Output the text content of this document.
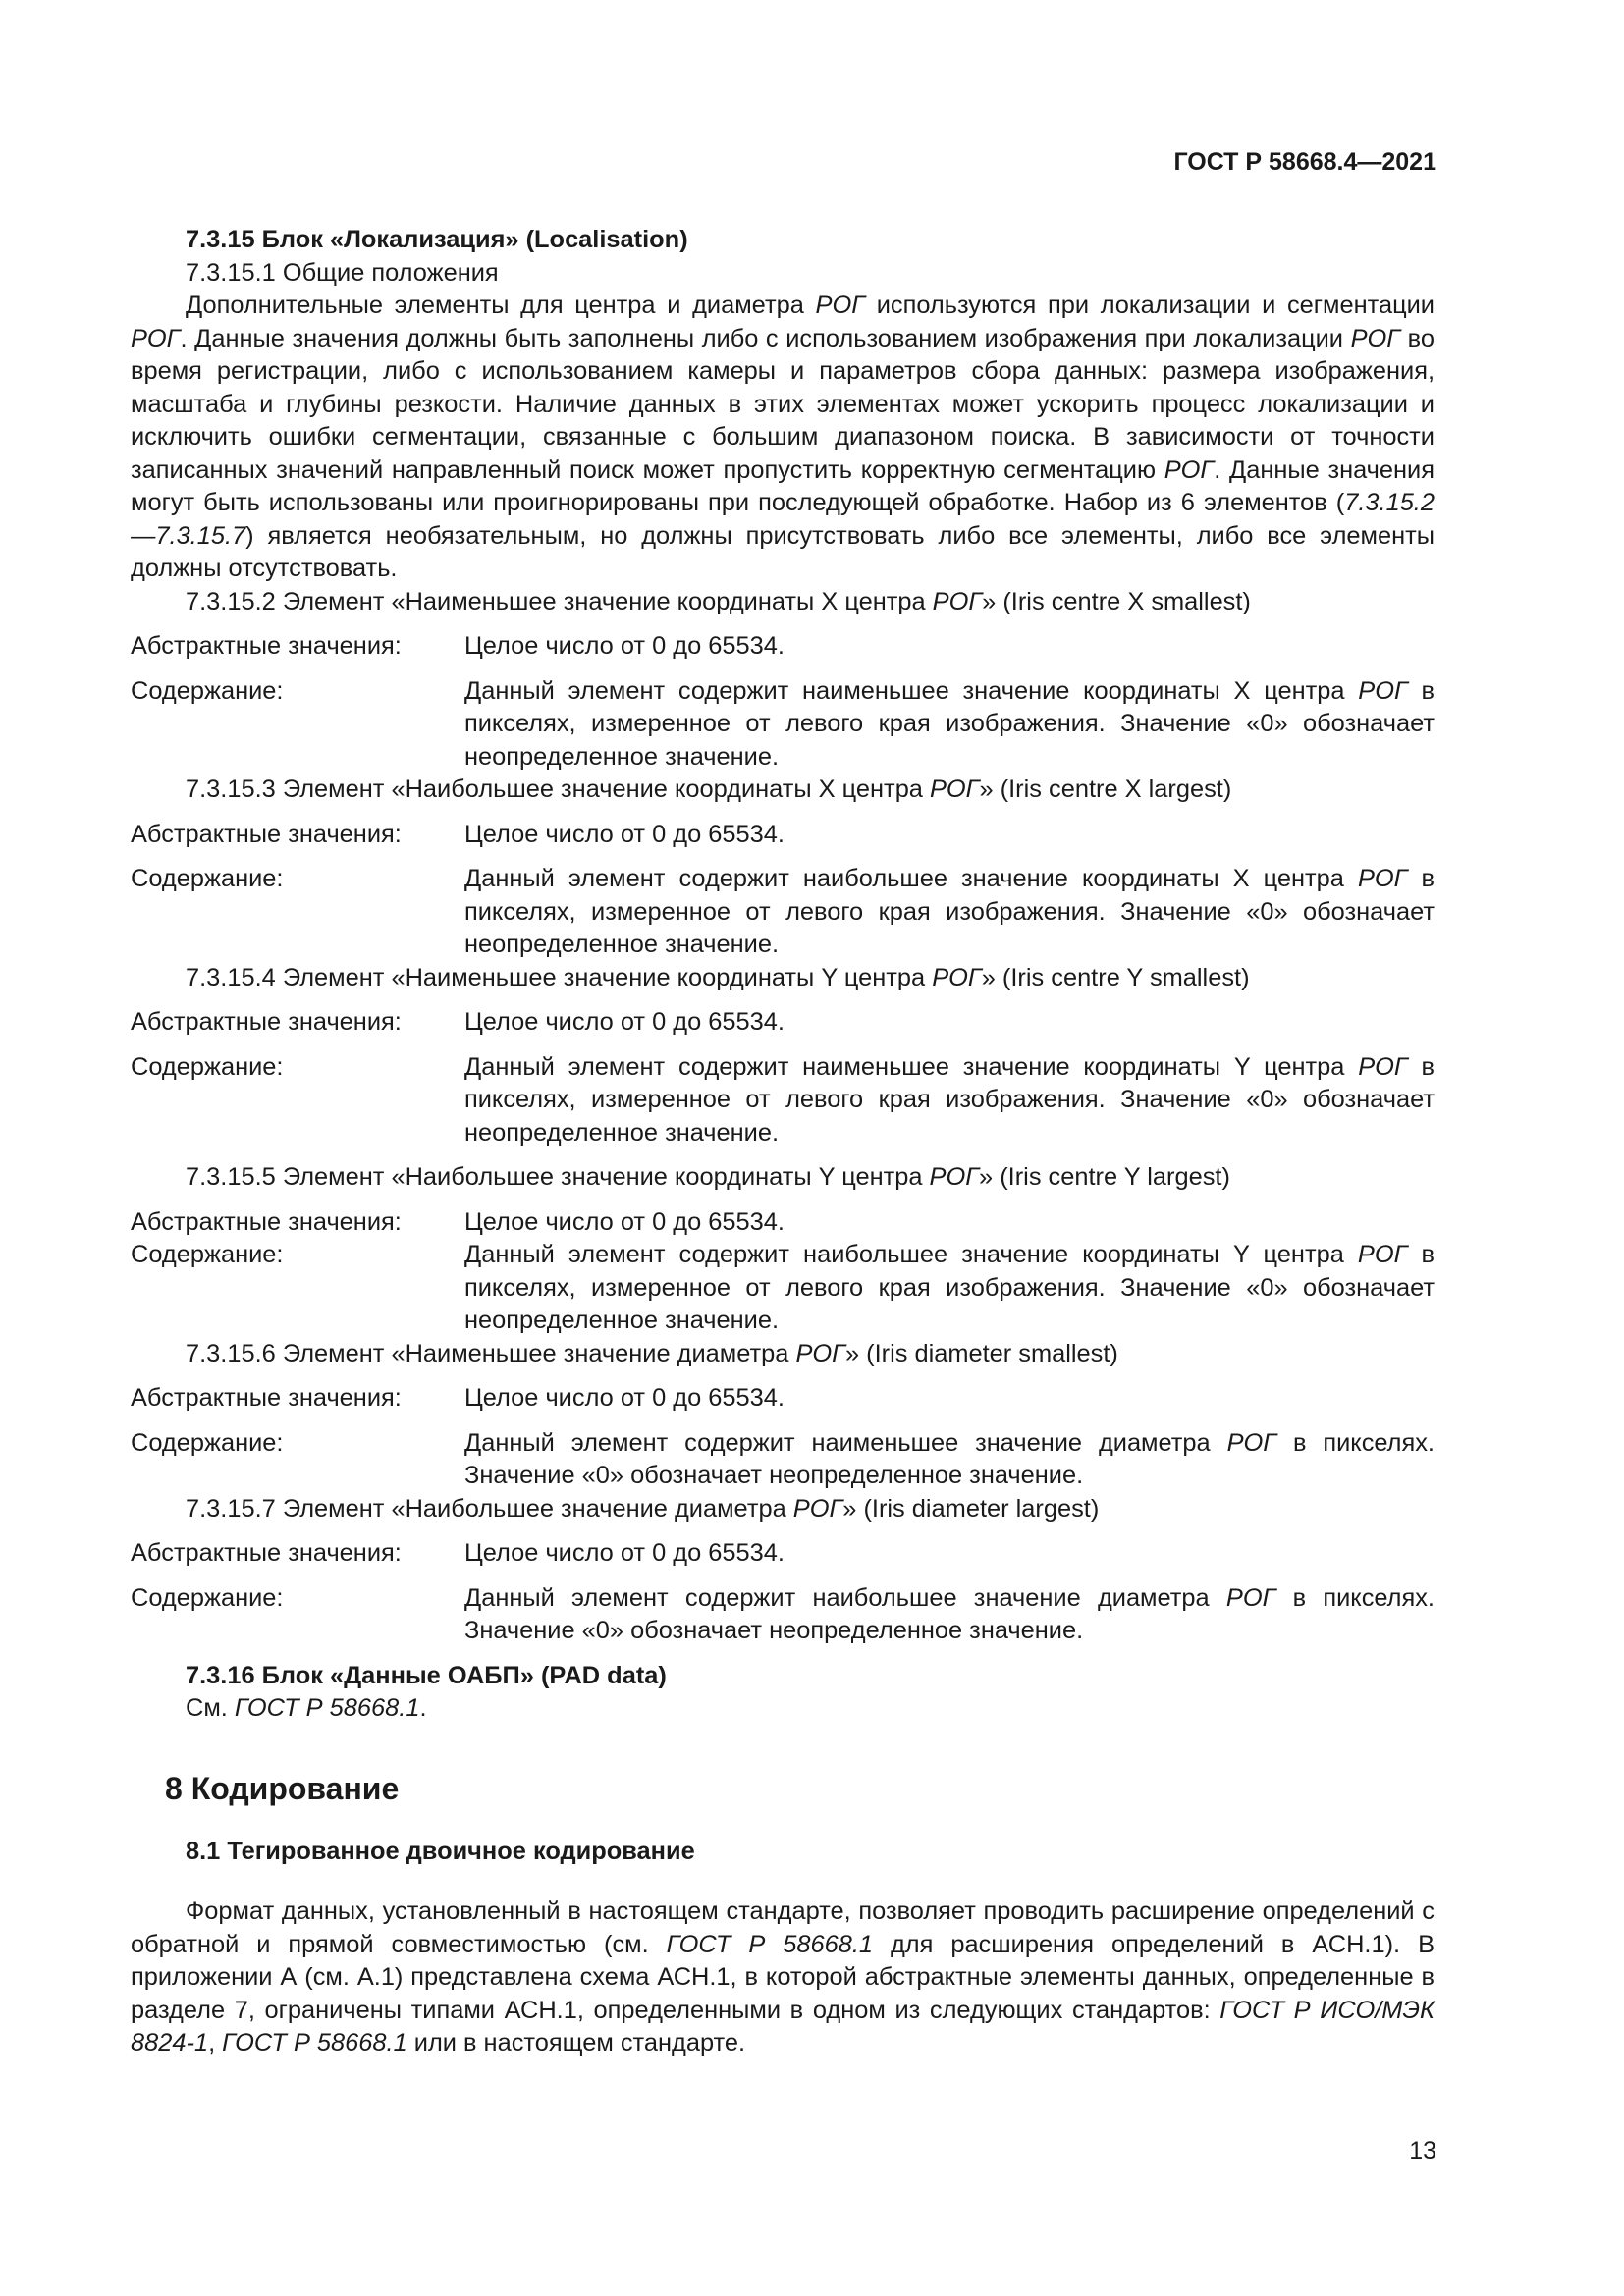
ГОСТ Р 58668.4—2021

7.3.15 Блок «Локализация» (Localisation)

7.3.15.1 Общие положения

Дополнительные элементы для центра и диаметра РОГ используются при локализации и сегментации РОГ. Данные значения должны быть заполнены либо с использованием изображения при локализации РОГ во время регистрации, либо с использованием камеры и параметров сбора данных: размера изображения, масштаба и глубины резкости. Наличие данных в этих элементах может ускорить процесс локализации и исключить ошибки сегментации, связанные с большим диапазоном поиска. В зависимости от точности записанных значений направленный поиск может пропустить корректную сегментацию РОГ. Данные значения могут быть использованы или проигнорированы при последующей обработке. Набор из 6 элементов (7.3.15.2—7.3.15.7) является необязательным, но должны присутствовать либо все элементы, либо все элементы должны отсутствовать.

7.3.15.2 Элемент «Наименьшее значение координаты X центра РОГ» (Iris centre X smallest)

Абстрактные значения:	Целое число от 0 до 65534.
Содержание:	Данный элемент содержит наименьшее значение координаты X центра РОГ в пикселях, измеренное от левого края изображения. Значение «0» обозначает неопределенное значение.

7.3.15.3 Элемент «Наибольшее значение координаты X центра РОГ» (Iris centre X largest)

Абстрактные значения:	Целое число от 0 до 65534.
Содержание:	Данный элемент содержит наибольшее значение координаты X центра РОГ в пикселях, измеренное от левого края изображения. Значение «0» обозначает неопределенное значение.

7.3.15.4 Элемент «Наименьшее значение координаты Y центра РОГ» (Iris centre Y smallest)

Абстрактные значения:	Целое число от 0 до 65534.
Содержание:	Данный элемент содержит наименьшее значение координаты Y центра РОГ в пикселях, измеренное от левого края изображения. Значение «0» обозначает неопределенное значение.

7.3.15.5 Элемент «Наибольшее значение координаты Y центра РОГ» (Iris centre Y largest)

Абстрактные значения:	Целое число от 0 до 65534.
Содержание:	Данный элемент содержит наибольшее значение координаты Y центра РОГ в пикселях, измеренное от левого края изображения. Значение «0» обозначает неопределенное значение.

7.3.15.6 Элемент «Наименьшее значение диаметра РОГ» (Iris diameter smallest)

Абстрактные значения:	Целое число от 0 до 65534.
Содержание:	Данный элемент содержит наименьшее значение диаметра РОГ в пикселях. Значение «0» обозначает неопределенное значение.

7.3.15.7 Элемент «Наибольшее значение диаметра РОГ» (Iris diameter largest)

Абстрактные значения:	Целое число от 0 до 65534.
Содержание:	Данный элемент содержит наибольшее значение диаметра РОГ в пикселях. Значение «0» обозначает неопределенное значение.

7.3.16 Блок «Данные ОАБП» (PAD data)

См. ГОСТ Р 58668.1.

8 Кодирование

8.1 Тегированное двоичное кодирование

Формат данных, установленный в настоящем стандарте, позволяет проводить расширение определений с обратной и прямой совместимостью (см. ГОСТ Р 58668.1 для расширения определений в АСН.1). В приложении А (см. А.1) представлена схема АСН.1, в которой абстрактные элементы данных, определенные в разделе 7, ограничены типами АСН.1, определенными в одном из следующих стандартов: ГОСТ Р ИСО/МЭК 8824-1, ГОСТ Р 58668.1 или в настоящем стандарте.

13
